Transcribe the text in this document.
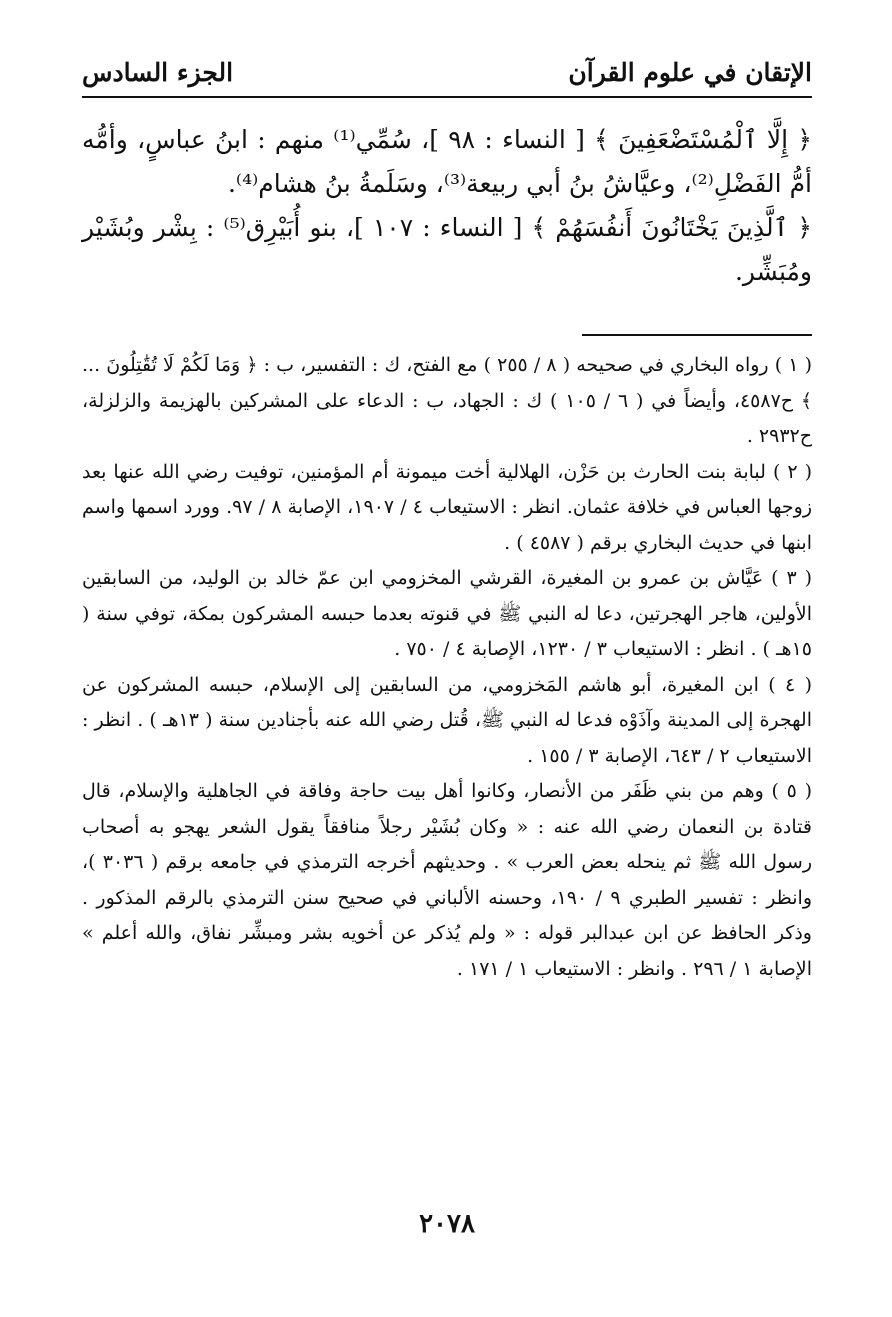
الإتقان في علوم القرآن
الجزء السادس

﴿ إِلَّا ٱلْمُسْتَضْعَفِينَ ﴾ [ النساء : ٩٨ ]، سُمِّي⁽¹⁾ منهم : ابنُ عباسٍ، وأمُّه أمُّ الفَضْلِ⁽²⁾، وعيَّاشُ بنُ أبي ربيعة⁽³⁾، وسَلَمةُ بنُ هشام⁽⁴⁾.

﴿ ٱلَّذِينَ يَخْتَانُونَ أَنفُسَهُمْ ﴾ [ النساء : ١٠٧ ]، بنو أُبَيْرِق⁽⁵⁾ : بِشْر وبُشَيْر ومُبَشِّر.

( ١ ) رواه البخاري في صحيحه ( ٨ / ٢٥٥ ) مع الفتح، ك : التفسير، ب : ﴿ وَمَا لَكُمْ لَا تُقَٰتِلُونَ ... ﴾ ح٤٥٨٧، وأيضاً في ( ٦ / ١٠٥ ) ك : الجهاد، ب : الدعاء على المشركين بالهزيمة والزلزلة، ح٢٩٣٢ .

( ٢ ) لبابة بنت الحارث بن حَزْن، الهلالية أخت ميمونة أم المؤمنين، توفيت رضي الله عنها بعد زوجها العباس في خلافة عثمان. انظر : الاستيعاب ٤ / ١٩٠٧، الإصابة ٨ / ٩٧. وورد اسمها واسم ابنها في حديث البخاري برقم ( ٤٥٨٧ ) .

( ٣ ) عَيَّاش بن عمرو بن المغيرة، القرشي المخزومي ابن عمّ خالد بن الوليد، من السابقين الأولين، هاجر الهجرتين، دعا له النبي ﷺ في قنوته بعدما حبسه المشركون بمكة، توفي سنة ( ١٥هـ ) . انظر : الاستيعاب ٣ / ١٢٣٠، الإصابة ٤ / ٧٥٠ .

( ٤ ) ابن المغيرة، أبو هاشم المَخزومي، من السابقين إلى الإسلام، حبسه المشركون عن الهجرة إلى المدينة وآذَوْه فدعا له النبي ﷺ، قُتل رضي الله عنه بأجنادين سنة ( ١٣هـ ) . انظر : الاستيعاب ٢ / ٦٤٣، الإصابة ٣ / ١٥٥ .

( ٥ ) وهم من بني ظَفَر من الأنصار، وكانوا أهل بيت حاجة وفاقة في الجاهلية والإسلام، قال قتادة بن النعمان رضي الله عنه : « وكان بُشَيْر رجلاً منافقاً يقول الشعر يهجو به أصحاب رسول الله ﷺ ثم ينحله بعض العرب » . وحديثهم أخرجه الترمذي في جامعه برقم ( ٣٠٣٦ )، وانظر : تفسير الطبري ٩ / ١٩٠، وحسنه الألباني في صحيح سنن الترمذي بالرقم المذكور . وذكر الحافظ عن ابن عبدالبر قوله : « ولم يُذكر عن أخويه بشر ومبشِّر نفاق، والله أعلم » الإصابة ١ / ٢٩٦ . وانظر : الاستيعاب ١ / ١٧١ .

٢٠٧٨
